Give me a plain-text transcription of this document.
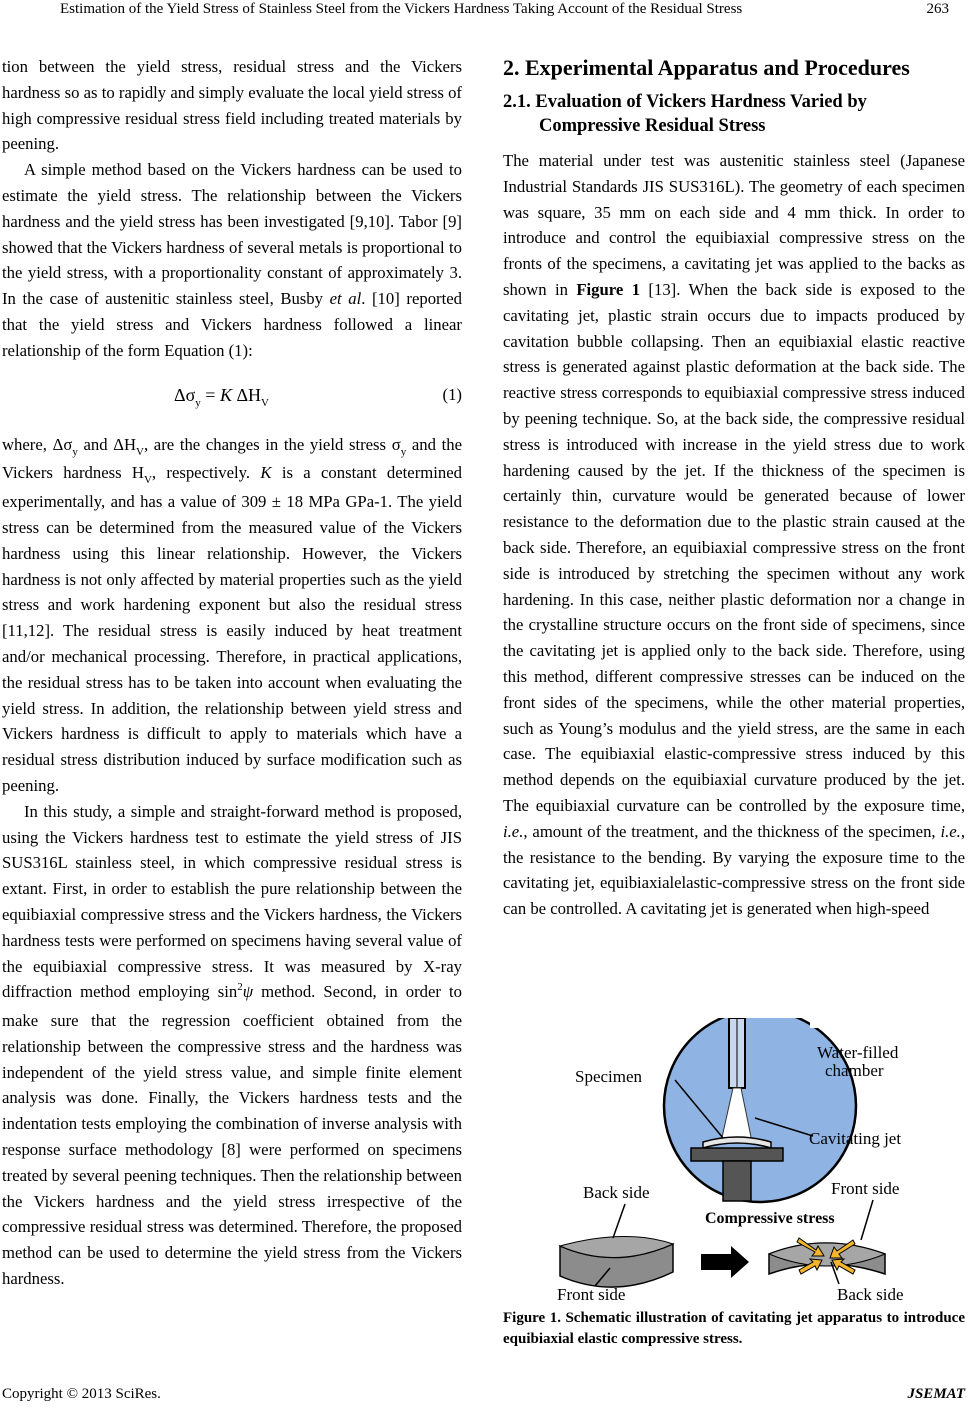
Estimation of the Yield Stress of Stainless Steel from the Vickers Hardness Taking Account of the Residual Stress	263

tion between the yield stress, residual stress and the Vickers hardness so as to rapidly and simply evaluate the local yield stress of high compressive residual stress field including treated materials by peening.

A simple method based on the Vickers hardness can be used to estimate the yield stress. The relationship between the Vickers hardness and the yield stress has been investigated [9,10]. Tabor [9] showed that the Vickers hardness of several metals is proportional to the yield stress, with a proportionality constant of approximately 3. In the case of austenitic stainless steel, Busby et al. [10] reported that the yield stress and Vickers hardness followed a linear relationship of the form Equation (1):

$\Delta\sigma_y = K$ $\Delta H_V$	(1)

where, $\Delta\sigma_y$ and $\Delta H_V$, are the changes in the yield stress $\sigma_y$ and the Vickers hardness $H_V$, respectively. K is a constant determined experimentally, and has a value of 309 ± 18 MPa GPa-1. The yield stress can be determined from the measured value of the Vickers hardness using this linear relationship. However, the Vickers hardness is not only affected by material properties such as the yield stress and work hardening exponent but also the residual stress [11,12]. The residual stress is easily induced by heat treatment and/or mechanical processing. Therefore, in practical applications, the residual stress has to be taken into account when evaluating the yield stress. In addition, the relationship between yield stress and Vickers hardness is difficult to apply to materials which have a residual stress distribution induced by surface modification such as peening.

In this study, a simple and straight-forward method is proposed, using the Vickers hardness test to estimate the yield stress of JIS SUS316L stainless steel, in which compressive residual stress is extant. First, in order to establish the pure relationship between the equibiaxial compressive stress and the Vickers hardness, the Vickers hardness tests were performed on specimens having several value of the equibiaxial compressive stress. It was measured by X-ray diffraction method employing $\sin^2\psi$ method. Second, in order to make sure that the regression coefficient obtained from the relationship between the compressive stress and the hardness was independent of the yield stress value, and simple finite element analysis was done. Finally, the Vickers hardness tests and the indentation tests employing the combination of inverse analysis with response surface methodology [8] were performed on specimens treated by several peening techniques. Then the relationship between the Vickers hardness and the yield stress irrespective of the compressive residual stress was determined. Therefore, the proposed method can be used to determine the yield stress from the Vickers hardness.

2. Experimental Apparatus and Procedures
2.1. Evaluation of Vickers Hardness Varied by Compressive Residual Stress

The material under test was austenitic stainless steel (Japanese Industrial Standards JIS SUS316L). The geometry of each specimen was square, 35 mm on each side and 4 mm thick. In order to introduce and control the equibiaxial compressive stress on the fronts of the specimens, a cavitating jet was applied to the backs as shown in Figure 1 [13]. When the back side is exposed to the cavitating jet, plastic strain occurs due to impacts produced by cavitation bubble collapsing. Then an equibiaxial elastic reactive stress is generated against plastic deformation at the back side. The reactive stress corresponds to equibiaxial compressive stress induced by peening technique. So, at the back side, the compressive residual stress is introduced with increase in the yield stress due to work hardening caused by the jet. If the thickness of the specimen is certainly thin, curvature would be generated because of lower resistance to the deformation due to the plastic strain caused at the back side. Therefore, an equibiaxial compressive stress on the front side is introduced by stretching the specimen without any work hardening. In this case, neither plastic deformation nor a change in the crystalline structure occurs on the front side of specimens, since the cavitating jet is applied only to the back side. Therefore, using this method, different compressive stresses can be induced on the front sides of the specimens, while the other material properties, such as Young’s modulus and the yield stress, are the same in each case. The equibiaxial elastic-compressive stress induced by this method depends on the equibiaxial curvature produced by the jet. The equibiaxial curvature can be controlled by the exposure time, i.e., amount of the treatment, and the thickness of the specimen, i.e., the resistance to the bending. By varying the exposure time to the cavitating jet, equibiaxialelastic-compressive stress on the front side can be controlled. A cavitating jet is generated when high-speed

Specimen
Water-filled
chamber
Cavitating jet
Back side
Front side
Compressive stress
Front side
Back side
Figure 1. Schematic illustration of cavitating jet apparatus to introduce equibiaxial elastic compressive stress.
Copyright © 2013 SciRes.	JSEMAT
